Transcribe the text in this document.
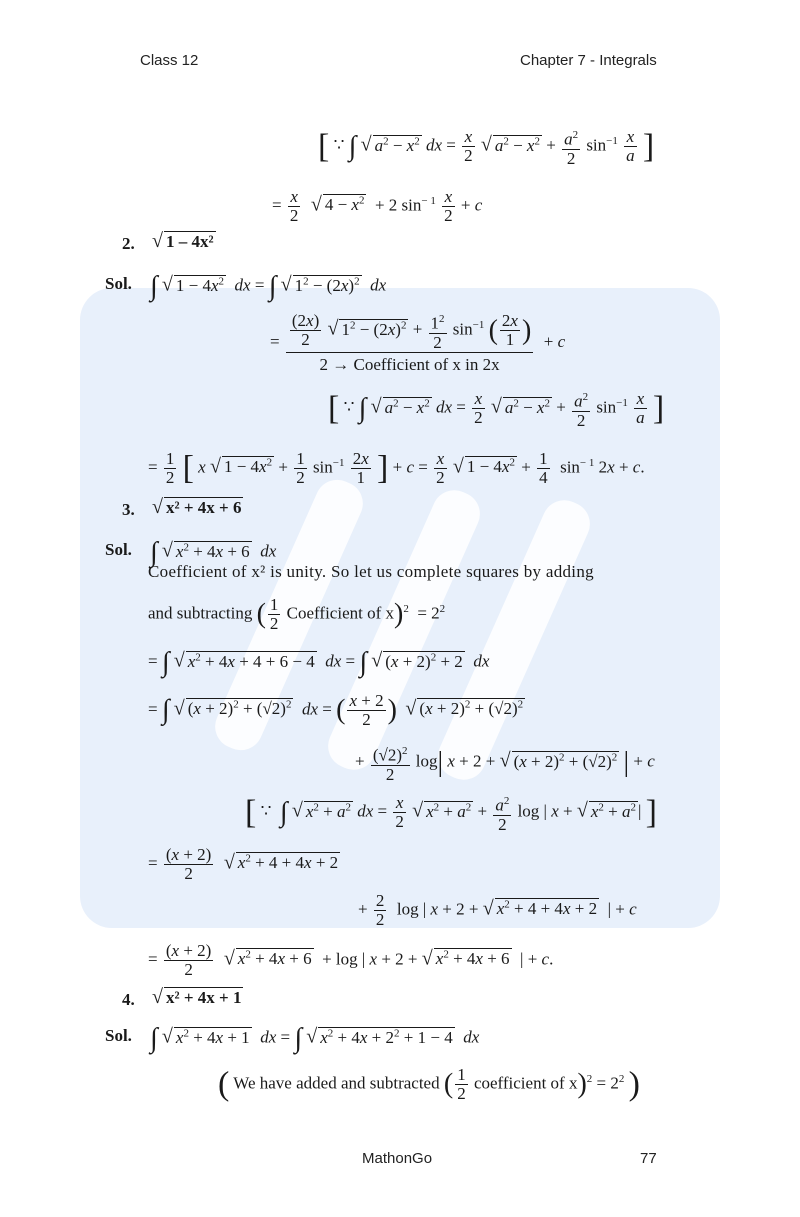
Class 12	Chapter 7 - Integrals
[ ∵ ∫ √ $a^2 - x^2$ dx = $\frac{x}{2}$ √ $a^2 - x^2 + \frac{a^2}{2} \sin^{-1} \frac{x}{a}$ ]
= $\frac{x}{2}$ √ $4 - x^2 + 2$ $\sin^{- 1} \frac{x}{2} + c$
2. √ 1 – 4x²
Sol. ∫ √ $1 - 4x^2$ dx = ∫ √ $1^2 - (2x)^2$ dx
= $\frac{\frac{(2x)}{2} √ 1^2 - (2x)^2 + \frac{1^2}{2} \sin^{-1} ( \frac{2x}{1} )}{\text{2 → Coefficient of x in 2x}} + c$
[ ∵ ∫ √ $a^2 - x^2$ dx = $\frac{x}{2}$ √ $a^2 - x^2 + \frac{a^2}{2} \sin^{-1} \frac{x}{a}$ ]
= $\frac{1}{2}$ [ x √ $1 - 4x^2 + \frac{1}{2} \sin^{-1} \frac{2x}{1}$ ] + $c = \frac{x}{2}$ √ $1 - 4x^2 + \frac{1}{4} \sin^{- 1} 2x + c$.
3. √ x² + 4x + 6
Sol. ∫ √ $x^2 + 4x + 6$ dx
Coefficient of x² is unity. So let us complete squares by adding
and subtracting ( $\frac{1}{2}$ Coefficient of $x)^2 = 2^2$
= ∫ √ $x^2 + 4x + 4 + 6 - 4$ dx = ∫ √ $(x + 2)^2 + 2$ dx
= ∫ √ $(x + 2)^2 + (√2)^2$ dx = ( $\frac{x + 2}{2}$ ) √ $(x + 2)^2 + (√2)^2$
+ $\frac{(√2)^2}{2} \log|$ x + 2 + √ $(x + 2)^2 + (√2)^2$ | + c
[ ∵  ∫ √ $x^2 + a^2$ dx = $\frac{x}{2}$ √ $x^2 + a^2 + \frac{a^2}{2}$ log | x + √ $x^2 + a^2$ | ]
= $\frac{(x + 2)}{2}$ √ $x^2 + 4 + 4x + 2$
+ $\frac{2}{2}$ log | x + 2 + √ $x^2 + 4 + 4x + 2$  | + c
= $\frac{(x + 2)}{2}$ √ $x^2 + 4x + 6 + \log$ | x + 2 + √ $x^2 + 4x + 6$  | + c.
4. √ x² + 4x + 1
Sol. ∫ √ $x^2 + 4x + 1$ dx = ∫ √ $x^2 + 4x + 2^2 + 1 - 4$ dx
( We have added and subtracted ( $\frac{1}{2}$ coefficient of $x)^2 = 2^2$ )
MathonGo	77
